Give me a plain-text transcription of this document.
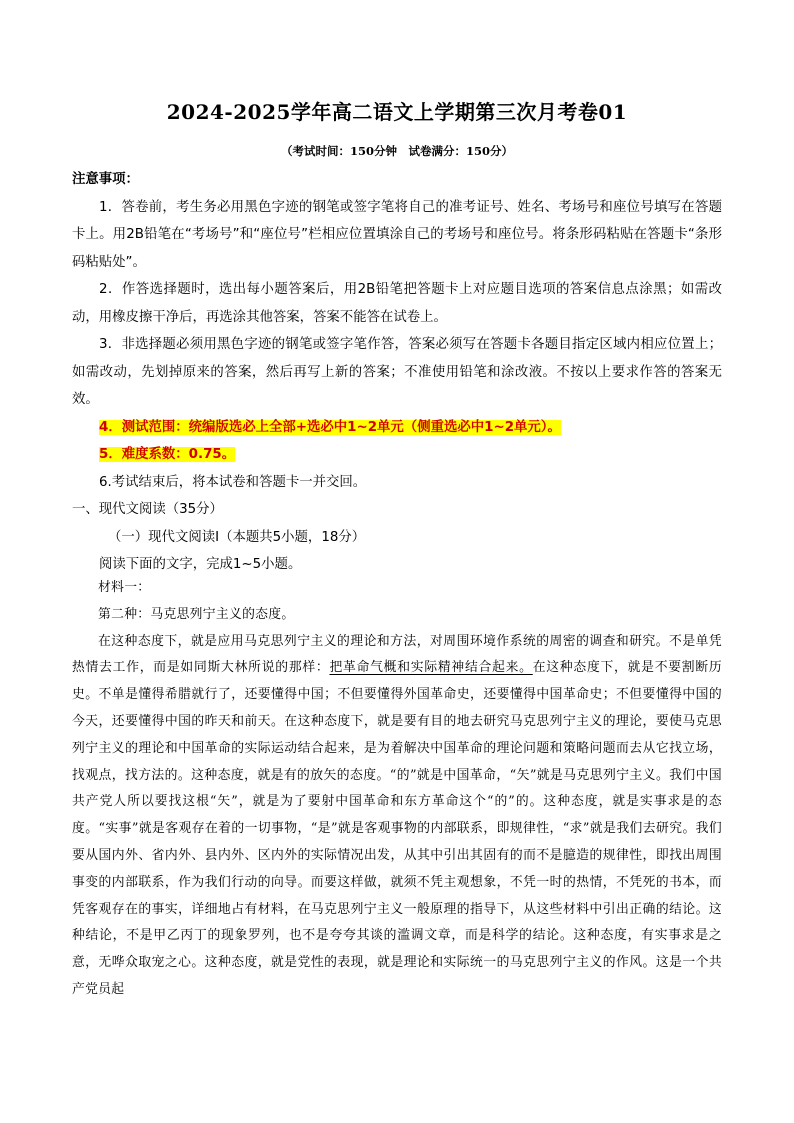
2024-2025学年高二语文上学期第三次月考卷01
（考试时间：150分钟　试卷满分：150分）

注意事项：

1．答卷前，考生务必用黑色字迹的钢笔或签字笔将自己的准考证号、姓名、考场号和座位号填写在答题卡上。用2B铅笔在“考场号”和“座位号”栏相应位置填涂自己的考场号和座位号。将条形码粘贴在答题卡“条形码粘贴处”。

2．作答选择题时，选出每小题答案后，用2B铅笔把答题卡上对应题目选项的答案信息点涂黑；如需改动，用橡皮擦干净后，再选涂其他答案，答案不能答在试卷上。

3．非选择题必须用黑色字迹的钢笔或签字笔作答，答案必须写在答题卡各题目指定区域内相应位置上；如需改动，先划掉原来的答案，然后再写上新的答案；不准使用铅笔和涂改液。不按以上要求作答的答案无效。

4．测试范围：统编版选必上全部+选必中1~2单元（侧重选必中1~2单元）。

5．难度系数：0.75。

6.考试结束后，将本试卷和答题卡一并交回。

一、现代文阅读（35分）

（一）现代文阅读Ⅰ（本题共5小题，18分）

阅读下面的文字，完成1~5小题。

材料一：

第二种：马克思列宁主义的态度。

在这种态度下，就是应用马克思列宁主义的理论和方法，对周围环境作系统的周密的调查和研究。不是单凭热情去工作，而是如同斯大林所说的那样：把革命气概和实际精神结合起来。在这种态度下，就是不要割断历史。不单是懂得希腊就行了，还要懂得中国；不但要懂得外国革命史，还要懂得中国革命史；不但要懂得中国的今天，还要懂得中国的昨天和前天。在这种态度下，就是要有目的地去研究马克思列宁主义的理论，要使马克思列宁主义的理论和中国革命的实际运动结合起来，是为着解决中国革命的理论问题和策略问题而去从它找立场，找观点，找方法的。这种态度，就是有的放矢的态度。“的”就是中国革命，“矢”就是马克思列宁主义。我们中国共产党人所以要找这根“矢”，就是为了要射中国革命和东方革命这个“的”的。这种态度，就是实事求是的态度。“实事”就是客观存在着的一切事物，“是”就是客观事物的内部联系，即规律性，“求”就是我们去研究。我们要从国内外、省内外、县内外、区内外的实际情况出发，从其中引出其固有的而不是臆造的规律性，即找出周围事变的内部联系，作为我们行动的向导。而要这样做，就须不凭主观想象，不凭一时的热情，不凭死的书本，而凭客观存在的事实，详细地占有材料，在马克思列宁主义一般原理的指导下，从这些材料中引出正确的结论。这种结论，不是甲乙丙丁的现象罗列，也不是夸夸其谈的滥调文章，而是科学的结论。这种态度，有实事求是之意，无哗众取宠之心。这种态度，就是党性的表现，就是理论和实际统一的马克思列宁主义的作风。这是一个共产党员起
